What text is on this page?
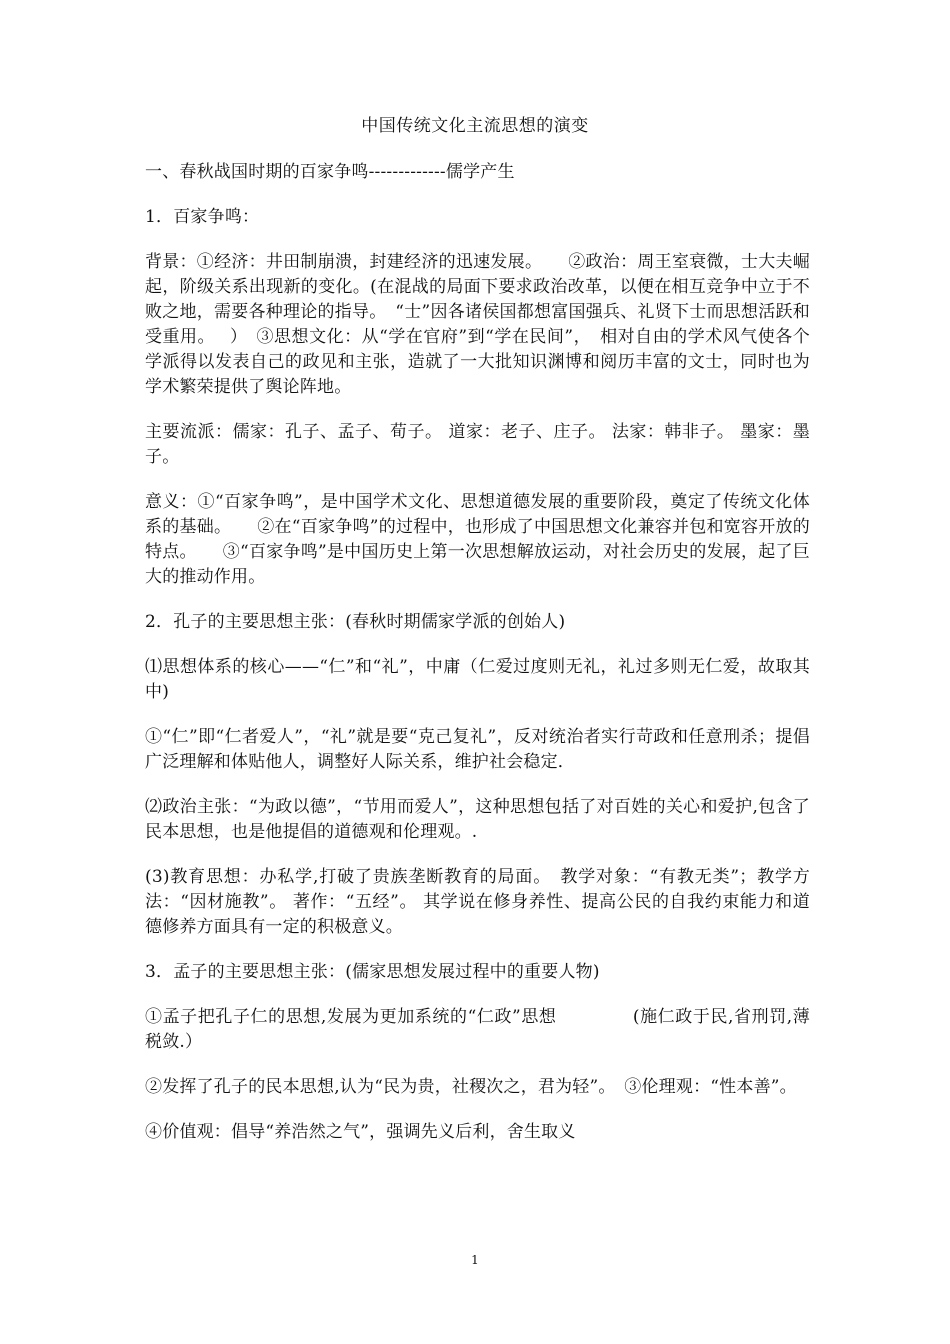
中国传统文化主流思想的演变

一、春秋战国时期的百家争鸣-------------儒学产生

1．百家争鸣：

背景：①经济：井田制崩溃，封建经济的迅速发展。　　②政治：周王室衰微，士大夫崛起，阶级关系出现新的变化。(在混战的局面下要求政治改革，以便在相互竞争中立于不败之地，需要各种理论的指导。　“士”因各诸侯国都想富国强兵、礼贤下士而思想活跃和受重用。　 ）　③思想文化：从“学在官府”到“学在民间”，　相对自由的学术风气使各个学派得以发表自己的政见和主张，造就了一大批知识渊博和阅历丰富的文士，同时也为学术繁荣提供了舆论阵地。

主要流派：儒家：孔子、孟子、荀子。 道家：老子、庄子。 法家：韩非子。 墨家：墨子。

意义：①“百家争鸣”，是中国学术文化、思想道德发展的重要阶段，奠定了传统文化体系的基础。　　②在“百家争鸣”的过程中，也形成了中国思想文化兼容并包和宽容开放的特点。　　③“百家争鸣”是中国历史上第一次思想解放运动，对社会历史的发展，起了巨大的推动作用。

2．孔子的主要思想主张：(春秋时期儒家学派的创始人)

⑴思想体系的核心——“仁”和“礼”，中庸（仁爱过度则无礼，礼过多则无仁爱，故取其中)

①“仁”即“仁者爱人”，“礼”就是要“克己复礼”，反对统治者实行苛政和任意刑杀；提倡广泛理解和体贴他人，调整好人际关系，维护社会稳定．

⑵政治主张：“为政以德”，“节用而爱人”，这种思想包括了对百姓的关心和爱护,包含了民本思想，也是他提倡的道德观和伦理观。.

(3)教育思想：办私学,打破了贵族垄断教育的局面。　教学对象：“有教无类”；教学方法：“因材施教”。 著作：“五经”。 其学说在修身养性、提高公民的自我约束能力和道德修养方面具有一定的积极意义。

3．孟子的主要思想主张：(儒家思想发展过程中的重要人物)

①孟子把孔子仁的思想,发展为更加系统的“仁政”思想　　　　 (施仁政于民,省刑罚,薄税敛.）

②发挥了孔子的民本思想,认为“民为贵，社稷次之，君为轻”。　③伦理观：“性本善”。

④价值观：倡导“养浩然之气”，强调先义后利，舍生取义

1
